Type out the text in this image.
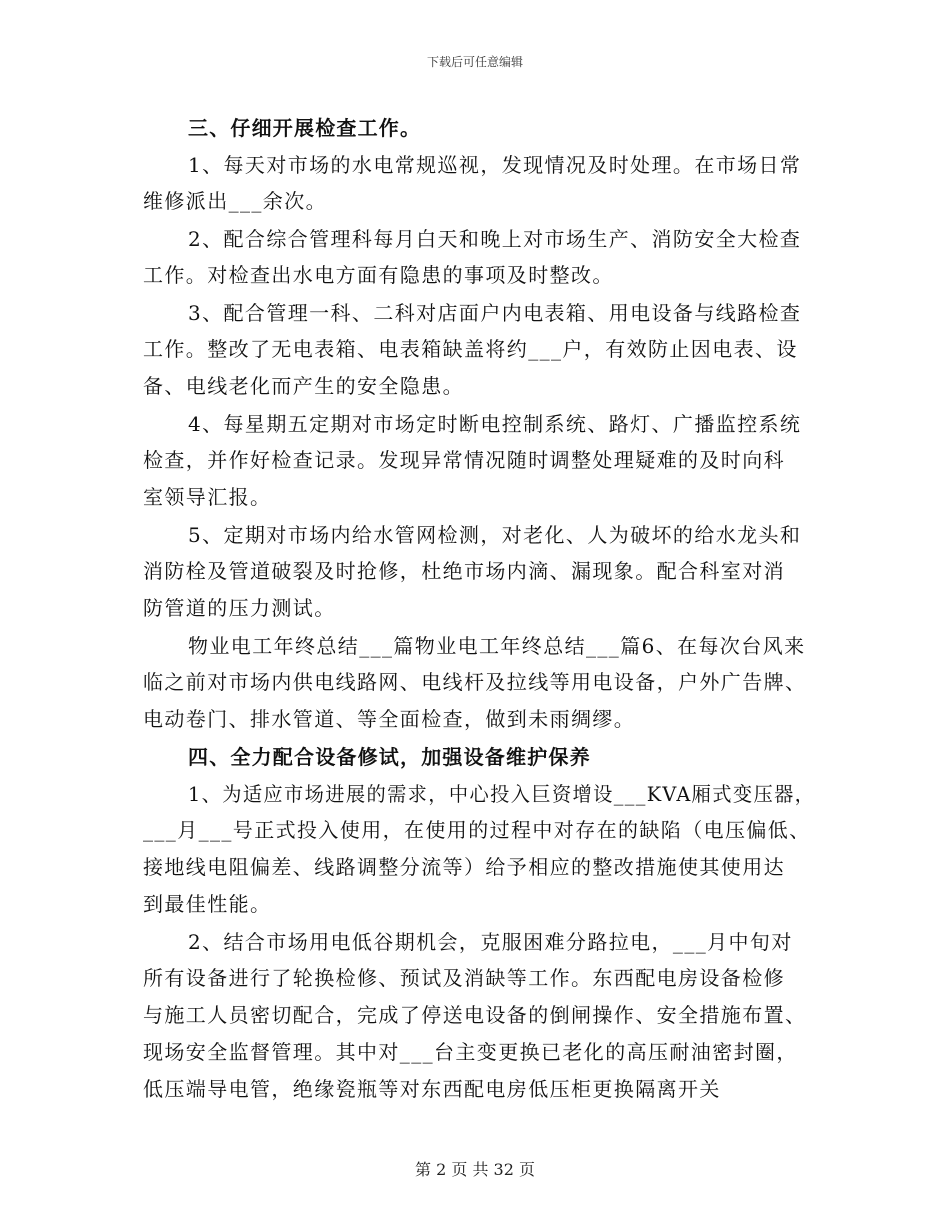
下载后可任意编辑
三、仔细开展检查工作。
1、每天对市场的水电常规巡视，发现情况及时处理。在市场日常
维修派出___余次。
2、配合综合管理科每月白天和晚上对市场生产、消防安全大检查
工作。对检查出水电方面有隐患的事项及时整改。
3、配合管理一科、二科对店面户内电表箱、用电设备与线路检查
工作。整改了无电表箱、电表箱缺盖将约___户，有效防止因电表、设
备、电线老化而产生的安全隐患。
4、每星期五定期对市场定时断电控制系统、路灯、广播监控系统
检查，并作好检查记录。发现异常情况随时调整处理疑难的及时向科
室领导汇报。
5、定期对市场内给水管网检测，对老化、人为破坏的给水龙头和
消防栓及管道破裂及时抢修，杜绝市场内滴、漏现象。配合科室对消
防管道的压力测试。
物业电工年终总结___篇物业电工年终总结___篇6、在每次台风来
临之前对市场内供电线路网、电线杆及拉线等用电设备，户外广告牌、
电动卷门、排水管道、等全面检查，做到未雨绸缪。
四、全力配合设备修试，加强设备维护保养
1、为适应市场进展的需求，中心投入巨资增设___KVA厢式变压器，
___月___号正式投入使用，在使用的过程中对存在的缺陷（电压偏低、
接地线电阻偏差、线路调整分流等）给予相应的整改措施使其使用达
到最佳性能。
2、结合市场用电低谷期机会，克服困难分路拉电，___月中旬对
所有设备进行了轮换检修、预试及消缺等工作。东西配电房设备检修
与施工人员密切配合，完成了停送电设备的倒闸操作、安全措施布置、
现场安全监督管理。其中对___台主变更换已老化的高压耐油密封圈，
低压端导电管，绝缘瓷瓶等对东西配电房低压柜更换隔离开关
第 2 页 共 32 页
